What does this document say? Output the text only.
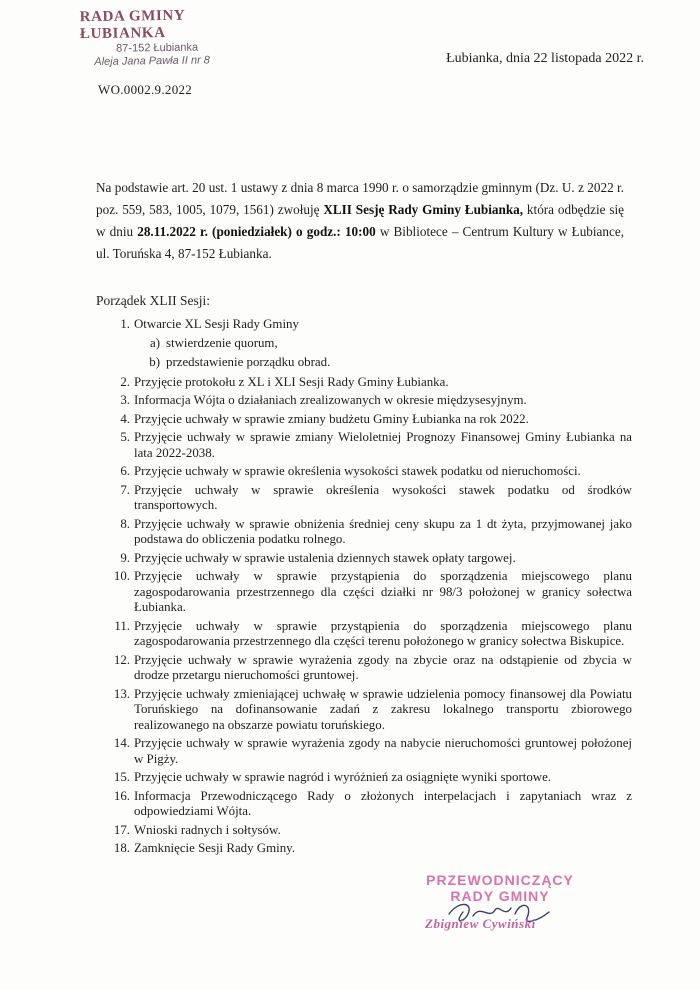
RADA GMINY ŁUBIANKA
87-152 Łubianka
Aleja Jana Pawła II nr 8	Łubianka, dnia 22 listopada 2022 r.
WO.0002.9.2022
Na podstawie art. 20 ust. 1 ustawy z dnia 8 marca 1990 r. o samorządzie gminnym (Dz. U. z 2022 r. poz. 559, 583, 1005, 1079, 1561) zwołuję XLII Sesję Rady Gminy Łubianka, która odbędzie się w dniu 28.11.2022 r. (poniedziałek) o godz.: 10:00 w Bibliotece – Centrum Kultury w Łubiance, ul. Toruńska 4, 87-152 Łubianka.
Porządek XLII Sesji:
1. Otwarcie XL Sesji Rady Gminy
a) stwierdzenie quorum,
b) przedstawienie porządku obrad.
2. Przyjęcie protokołu z XL i XLI Sesji Rady Gminy Łubianka.
3. Informacja Wójta o działaniach zrealizowanych w okresie międzysesyjnym.
4. Przyjęcie uchwały w sprawie zmiany budżetu Gminy Łubianka na rok 2022.
5. Przyjęcie uchwały w sprawie zmiany Wieloletniej Prognozy Finansowej Gminy Łubianka na lata 2022-2038.
6. Przyjęcie uchwały w sprawie określenia wysokości stawek podatku od nieruchomości.
7. Przyjęcie uchwały w sprawie określenia wysokości stawek podatku od środków transportowych.
8. Przyjęcie uchwały w sprawie obniżenia średniej ceny skupu za 1 dt żyta, przyjmowanej jako podstawa do obliczenia podatku rolnego.
9. Przyjęcie uchwały w sprawie ustalenia dziennych stawek opłaty targowej.
10. Przyjęcie uchwały w sprawie przystąpienia do sporządzenia miejscowego planu zagospodarowania przestrzennego dla części działki nr 98/3 położonej w granicy sołectwa Łubianka.
11. Przyjęcie uchwały w sprawie przystąpienia do sporządzenia miejscowego planu zagospodarowania przestrzennego dla części terenu położonego w granicy sołectwa Biskupice.
12. Przyjęcie uchwały w sprawie wyrażenia zgody na zbycie oraz na odstąpienie od zbycia w drodze przetargu nieruchomości gruntowej.
13. Przyjęcie uchwały zmieniającej uchwałę w sprawie udzielenia pomocy finansowej dla Powiatu Toruńskiego na dofinansowanie zadań z zakresu lokalnego transportu zbiorowego realizowanego na obszarze powiatu toruńskiego.
14. Przyjęcie uchwały w sprawie wyrażenia zgody na nabycie nieruchomości gruntowej położonej w Pigży.
15. Przyjęcie uchwały w sprawie nagród i wyróżnień za osiągnięte wyniki sportowe.
16. Informacja Przewodniczącego Rady o złożonych interpelacjach i zapytaniach wraz z odpowiedziami Wójta.
17. Wnioski radnych i sołtysów.
18. Zamknięcie Sesji Rady Gminy.
PRZEWODNICZĄCY
RADY GMINY
Zbigniew Cywiński
